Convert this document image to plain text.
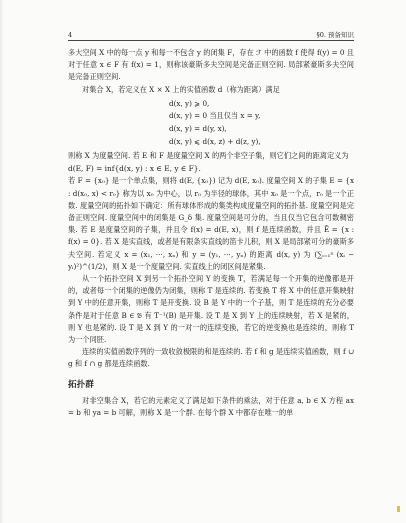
4	§0. 预备知识

多大空间 X 中的每一点 y 和每一不包含 y 的闭集 F，存在 ℱ 中的函数 f 使得 f(y) = 0 且对于任意 x ∈ F 有 f(x) = 1，则称该豪斯多夫空间是完备正则空间. 局部紧豪斯多夫空间是完备正则空间.

对集合 X，若定义在 X × X 上的实值函数 d（称为距离）满足

d(x, y) ⩾ 0,

d(x, y) = 0 当且仅当 x = y,

d(x, y) = d(y, x),

d(x, y) ⩽ d(x, z) + d(z, y),

则称 X 为度量空间. 若 E 和 F 是度量空间 X 的两个非空子集，则它们之间的距离定义为

d(E, F) = inf{d(x, y) : x ∈ E, y ∈ F}.

若 F = {x₀} 是一个单点集，则将 d(E, {x₀}) 记为 d(E, x₀). 度量空间 X 的子集 E = {x : d(x₀, x) < r₀} 称为以 x₀ 为中心，以 r₀ 为半径的球体，其中 x₀ 是一个点，r₀ 是一个正数. 度量空间的拓扑如下确定：所有球体形成的集类构成度量空间的拓扑基. 度量空间是完备正则空间. 度量空间中的闭集是 G_δ 集. 度量空间是可分的，当且仅当它包含可数稠密集. 若 E 是度量空间的子集，并且令 f(x) = d(E, x)，则 f 是连续函数，并且 Ē = {x : f(x) = 0}. 若 X 是实直线，或者是有限条实直线的笛卡儿积，则 X 是局部紧可分的豪斯多夫空间. 若定义 x = (x₁, ⋯, xₙ) 和 y = (y₁, ⋯, yₙ) 的距离 d(x, y) 为 (∑ᵢ₌₁ⁿ (xᵢ − yᵢ)²)^(1/2)，则 X 是一个度量空间. 实直线上的闭区间是紧集.

从一个拓扑空间 X 到另一个拓扑空间 Y 的变换 T，若满足每一个开集的逆像都是开的，或者每一个闭集的逆像仍为闭集，则称 T 是连续的. 若变换 T 将 X 中的任意开集映射到 Y 中的任意开集，则称 T 是开变换. 设 B 是 Y 中的一个子基，则 T 是连续的充分必要条件是对于任意 B ∈ 𝔅 有 T⁻¹(B) 是开集. 设 T 是 X 到 Y 上的连续映射，若 X 是紧的，则 Y 也是紧的. 设 T 是 X 到 Y 的一对一的连续变换，若它的逆变换也是连续的，则称 T 为一个同胚.

连续的实值函数序列的一致收敛极限的和是连续的. 若 f 和 g 是连续实值函数，则 f ∪ g 和 f ∩ g 都是连续函数.

拓扑群

对非空集合 X，若它的元素定义了满足如下条件的乘法，对于任意 a, b ∈ X 方程 ax = b 和 ya = b 可解，则称 X 是一个群. 在每个群 X 中都存在唯一的单
